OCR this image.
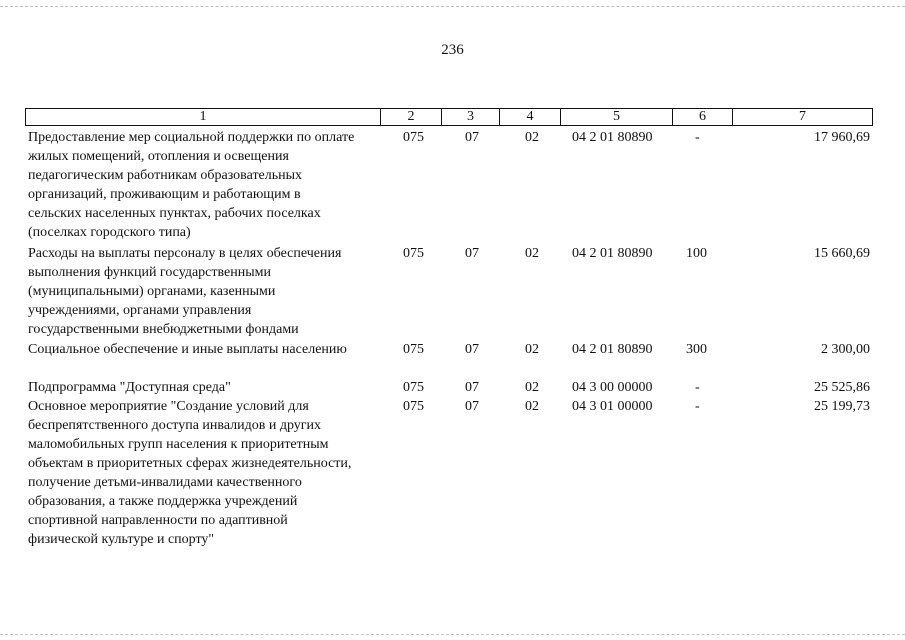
236
1	2	3	4	5	6	7
Предоставление мер социальной поддержки по оплате
жилых помещений, отопления и освещения
педагогическим работникам образовательных
организаций, проживающим и работающим в
сельских населенных пунктах, рабочих поселках
(поселках городского типа)
075	07	02	04 2 01 80890	-	17 960,69
Расходы на выплаты персоналу в целях обеспечения
выполнения функций государственными
(муниципальными) органами, казенными
учреждениями, органами управления
государственными внебюджетными фондами
075	07	02	04 2 01 80890	100	15 660,69
Социальное обеспечение и иные выплаты населению	075	07	02	04 2 01 80890	300	2 300,00
Подпрограмма "Доступная среда"	075	07	02	04 3 00 00000	-	25 525,86
Основное мероприятие "Создание условий для
беспрепятственного доступа инвалидов и других
маломобильных групп населения к приоритетным
объектам в приоритетных сферах жизнедеятельности,
получение детьми-инвалидами качественного
образования, а также поддержка учреждений
спортивной направленности по адаптивной
физической культуре и спорту"
075	07	02	04 3 01 00000	-	25 199,73
